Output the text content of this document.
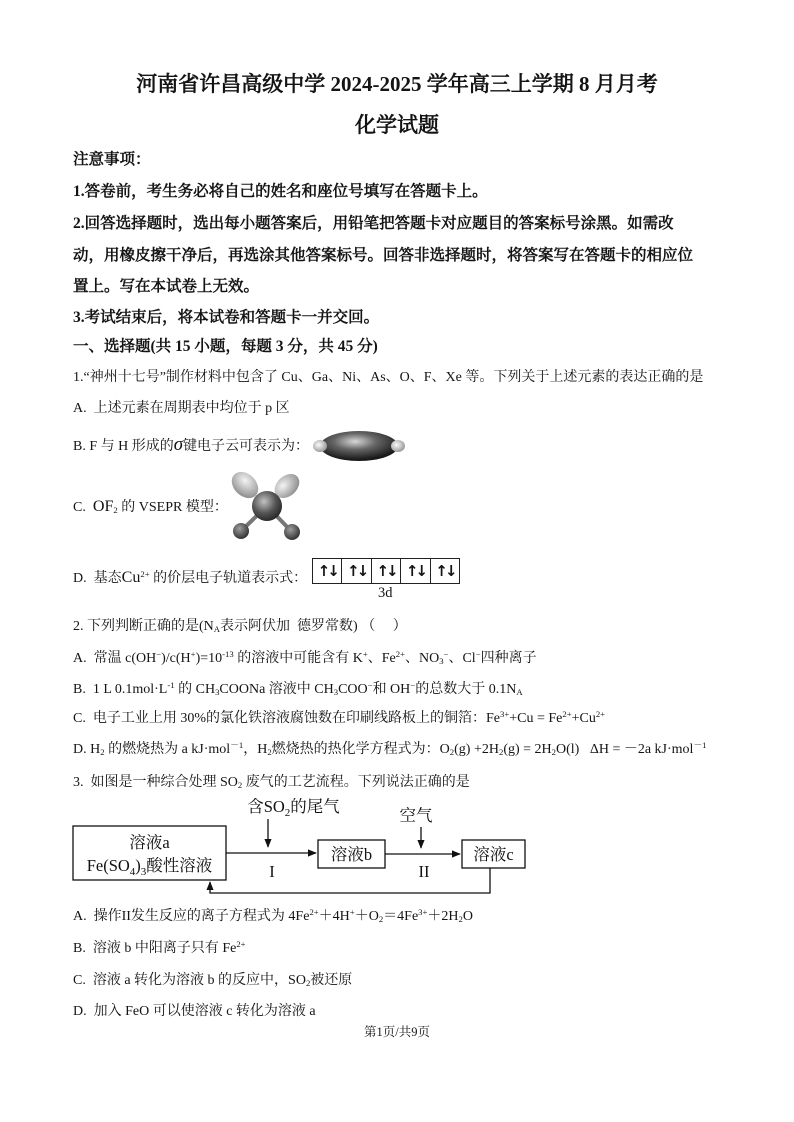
河南省许昌高级中学 2024-2025 学年高三上学期 8 月月考
化学试题
注意事项：
1.答卷前，考生务必将自己的姓名和座位号填写在答题卡上。
2.回答选择题时，选出每小题答案后，用铅笔把答题卡对应题目的答案标号涂黑。如需改
动，用橡皮擦干净后，再选涂其他答案标号。回答非选择题时，将答案写在答题卡的相应位
置上。写在本试卷上无效。
3.考试结束后，将本试卷和答题卡一并交回。
一、选择题(共 15 小题，每题 3 分，共 45 分)
1.“神州十七号”制作材料中包含了 Cu、Ga、Ni、As、O、F、Xe 等。下列关于上述元素的表达正确的是
A.  上述元素在周期表中均位于 p 区
B. F 与 H 形成的σ键电子云可表示为：
C.  $OF_2$ 的 VSEPR 模型：
D.  基态$Cu^{2+}$ 的价层电子轨道表示式： ↑↓ ↑↓ ↑↓ ↑↓ ↑↓
3d
2. 下列判断正确的是($N_A$表示阿伏加  德罗常数) （     ）
A.  常温 $c(OH^-)/c(H^+)=10^{-13}$ 的溶液中可能含有 K+、$Fe^{2+}$、$NO_3^-$、Cl−四种离子
B.  1 L $0.1mol\cdot L^{-1}$ 的 $CH_3COONa$ 溶液中 $CH_3COO^-$和 OH−的总数大于 $0.1N_A$
C.  电子工业上用 30%的氯化铁溶液腐蚀数在印刷线路板上的铜箔：$Fe^{3+}+Cu = Fe^{2+}+Cu^{2+}$
D. $H_2$ 的燃烧热为 a kJ·mol$^{-1}$，$H_2$燃烧热的热化学方程式为：$O_2(g) +2H_2(g) = 2H_2O(l) \Delta H = -2a$ kJ·mol$^{-1}$
3.  如图是一种综合处理 $SO_2$ 废气的工艺流程。下列说法正确的是
溶液a
$Fe(SO_4)_3$酸性溶液
含$SO_2$的尾气
I
溶液b
空气
II
溶液c
A.  操作II发生反应的离子方程式为 $4Fe^{2+}+4H^++O_2=4Fe^{3+}+2H_2O$
B.  溶液 b 中阳离子只有 $Fe^{2+}$
C.  溶液 a 转化为溶液 b 的反应中，$SO_2$被还原
D.  加入 FeO 可以使溶液 c 转化为溶液 a
第1页/共9页
